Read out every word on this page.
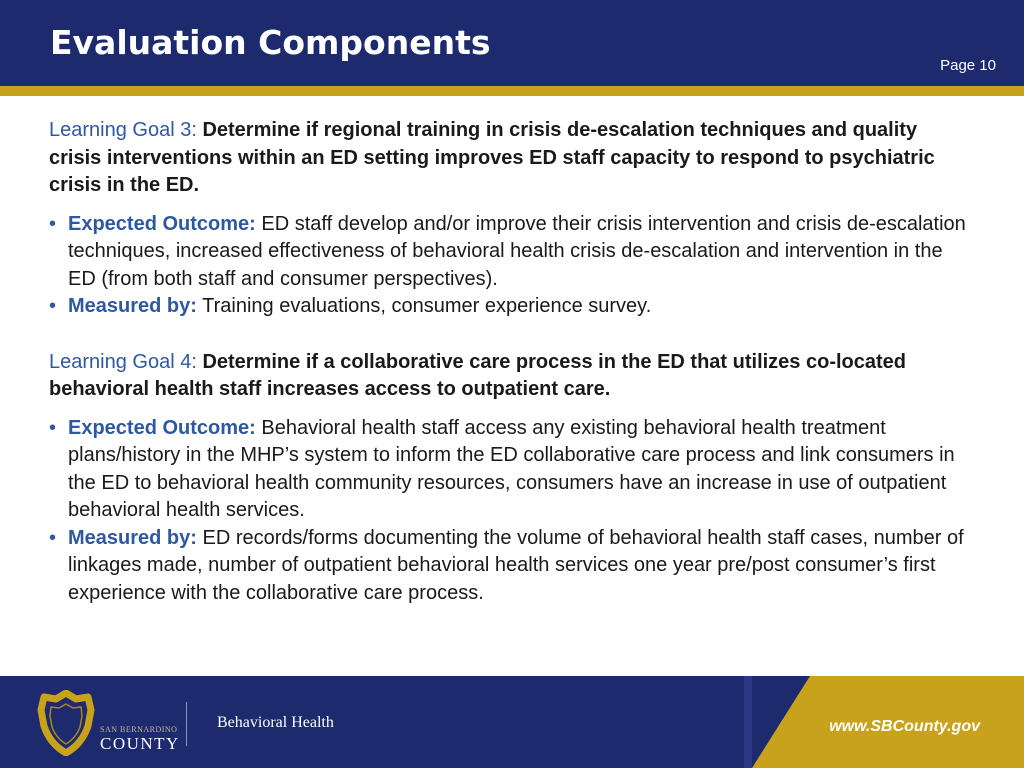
Evaluation Components
Page 10

Learning Goal 3: Determine if regional training in crisis de-escalation techniques and quality crisis interventions within an ED setting improves ED staff capacity to respond to psychiatric crisis in the ED.

• Expected Outcome: ED staff develop and/or improve their crisis intervention and crisis de-escalation techniques, increased effectiveness of behavioral health crisis de-escalation and intervention in the ED (from both staff and consumer perspectives).
• Measured by: Training evaluations, consumer experience survey.

Learning Goal 4: Determine if a collaborative care process in the ED that utilizes co-located behavioral health staff increases access to outpatient care.

• Expected Outcome: Behavioral health staff access any existing behavioral health treatment plans/history in the MHP’s system to inform the ED collaborative care process and link consumers in the ED to behavioral health community resources, consumers have an increase in use of outpatient behavioral health services.
• Measured by: ED records/forms documenting the volume of behavioral health staff cases, number of linkages made, number of outpatient behavioral health services one year pre/post consumer’s first experience with the collaborative care process.
SAN BERNARDINO
COUNTY
Behavioral Health	www.SBCounty.gov
